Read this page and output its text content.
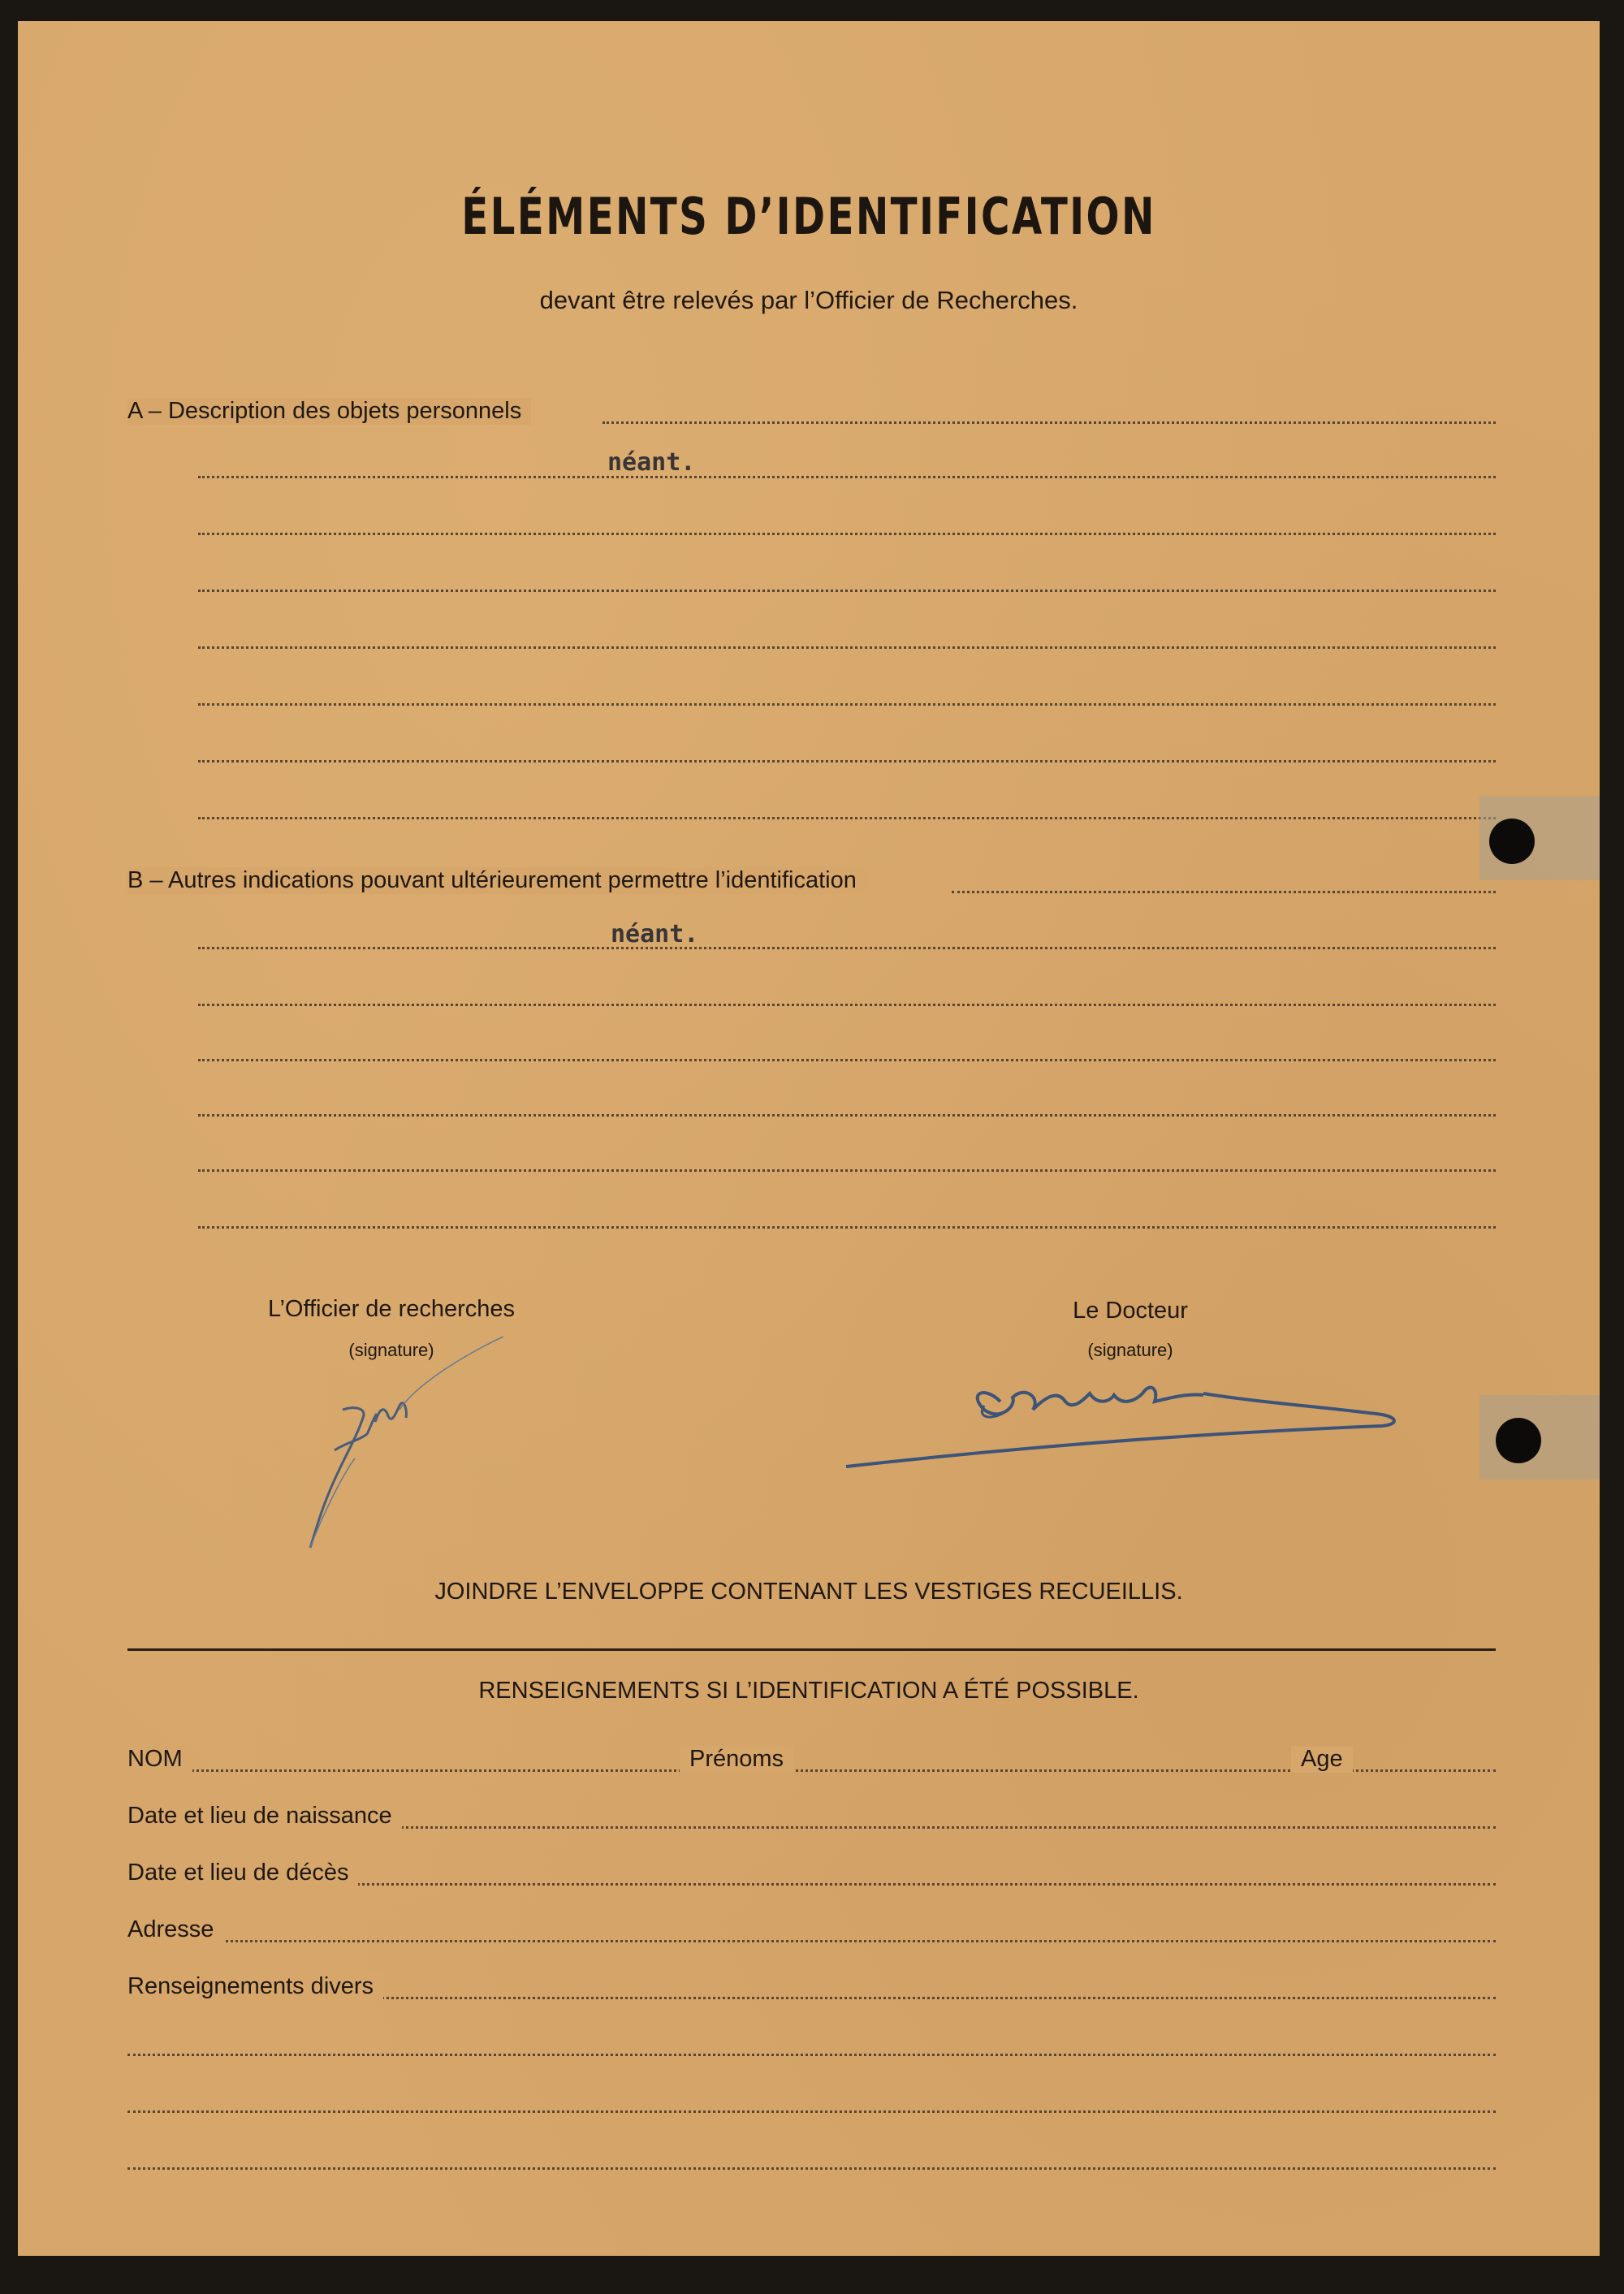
ÉLÉMENTS D’IDENTIFICATION
devant être relevés par l’Officier de Recherches.
A – Description des objets personnels
néant.
B – Autres indications pouvant ultérieurement permettre l’identification
néant.
L’Officier de recherches
(signature)
Le Docteur
(signature)
JOINDRE L’ENVELOPPE CONTENANT LES VESTIGES RECUEILLIS.
RENSEIGNEMENTS SI L’IDENTIFICATION A ÉTÉ POSSIBLE.
NOM	Prénoms	Age
Date et lieu de naissance
Date et lieu de décès
Adresse
Renseignements divers
